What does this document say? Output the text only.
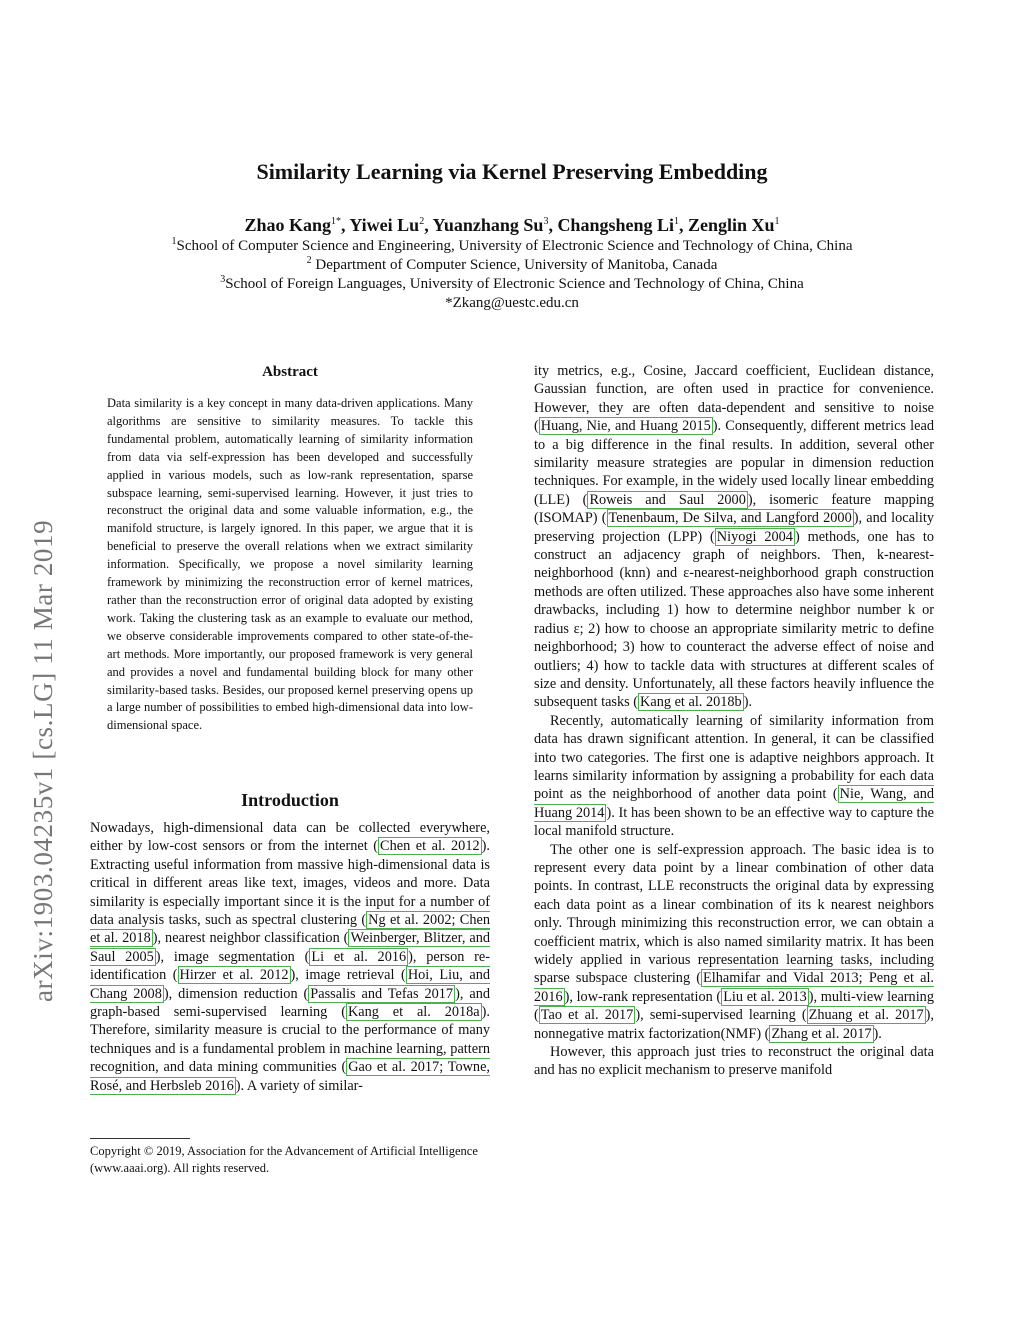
arXiv:1903.04235v1 [cs.LG] 11 Mar 2019
Similarity Learning via Kernel Preserving Embedding
Zhao Kang$^{1*}$, Yiwei Lu$^2$, Yuanzhang Su$^3$, Changsheng Li$^1$, Zenglin Xu$^1$
$^1$School of Computer Science and Engineering, University of Electronic Science and Technology of China, China
$^2$ Department of Computer Science, University of Manitoba, Canada
$^3$School of Foreign Languages, University of Electronic Science and Technology of China, China
*Zkang@uestc.edu.cn
Abstract
Data similarity is a key concept in many data-driven applications. Many algorithms are sensitive to similarity measures. To tackle this fundamental problem, automatically learning of similarity information from data via self-expression has been developed and successfully applied in various models, such as low-rank representation, sparse subspace learning, semi-supervised learning. However, it just tries to reconstruct the original data and some valuable information, e.g., the manifold structure, is largely ignored. In this paper, we argue that it is beneficial to preserve the overall relations when we extract similarity information. Specifically, we propose a novel similarity learning framework by minimizing the reconstruction error of kernel matrices, rather than the reconstruction error of original data adopted by existing work. Taking the clustering task as an example to evaluate our method, we observe considerable improvements compared to other state-of-the-art methods. More importantly, our proposed framework is very general and provides a novel and fundamental building block for many other similarity-based tasks. Besides, our proposed kernel preserving opens up a large number of possibilities to embed high-dimensional data into low-dimensional space.
Introduction

Nowadays, high-dimensional data can be collected everywhere, either by low-cost sensors or from the internet ( Chen et al. 2012 ). Extracting useful information from massive high-dimensional data is critical in different areas like text, images, videos and more. Data similarity is especially important since it is the input for a number of data analysis tasks, such as spectral clustering ( Ng et al. 2002; Chen et al. 2018 ), nearest neighbor classification ( Weinberger, Blitzer, and Saul 2005 ), image segmentation ( Li et al. 2016 ), person re-identification ( Hirzer et al. 2012 ), image retrieval ( Hoi, Liu, and Chang 2008 ), dimension reduction ( Passalis and Tefas 2017 ), and graph-based semi-supervised learning ( Kang et al. 2018a ). Therefore, similarity measure is crucial to the performance of many techniques and is a fundamental problem in machine learning, pattern recognition, and data mining communities ( Gao et al. 2017; Towne, Rosé, and Herbsleb 2016 ). A variety of similar-

Copyright © 2019, Association for the Advancement of Artificial Intelligence (www.aaai.org). All rights reserved.

ity metrics, e.g., Cosine, Jaccard coefficient, Euclidean distance, Gaussian function, are often used in practice for convenience. However, they are often data-dependent and sensitive to noise ( Huang, Nie, and Huang 2015 ). Consequently, different metrics lead to a big difference in the final results. In addition, several other similarity measure strategies are popular in dimension reduction techniques. For example, in the widely used locally linear embedding (LLE) ( Roweis and Saul 2000 ), isomeric feature mapping (ISOMAP) ( Tenenbaum, De Silva, and Langford 2000 ), and locality preserving projection (LPP) ( Niyogi 2004 ) methods, one has to construct an adjacency graph of neighbors. Then, k-nearest-neighborhood (knn) and ε-nearest-neighborhood graph construction methods are often utilized. These approaches also have some inherent drawbacks, including 1) how to determine neighbor number k or radius ε; 2) how to choose an appropriate similarity metric to define neighborhood; 3) how to counteract the adverse effect of noise and outliers; 4) how to tackle data with structures at different scales of size and density. Unfortunately, all these factors heavily influence the subsequent tasks ( Kang et al. 2018b ).

Recently, automatically learning of similarity information from data has drawn significant attention. In general, it can be classified into two categories. The first one is adaptive neighbors approach. It learns similarity information by assigning a probability for each data point as the neighborhood of another data point ( Nie, Wang, and Huang 2014 ). It has been shown to be an effective way to capture the local manifold structure.

The other one is self-expression approach. The basic idea is to represent every data point by a linear combination of other data points. In contrast, LLE reconstructs the original data by expressing each data point as a linear combination of its k nearest neighbors only. Through minimizing this reconstruction error, we can obtain a coefficient matrix, which is also named similarity matrix. It has been widely applied in various representation learning tasks, including sparse subspace clustering ( Elhamifar and Vidal 2013; Peng et al. 2016 ), low-rank representation ( Liu et al. 2013 ), multi-view learning ( Tao et al. 2017 ), semi-supervised learning ( Zhuang et al. 2017 ), nonnegative matrix factorization(NMF) ( Zhang et al. 2017 ).

However, this approach just tries to reconstruct the original data and has no explicit mechanism to preserve manifold
